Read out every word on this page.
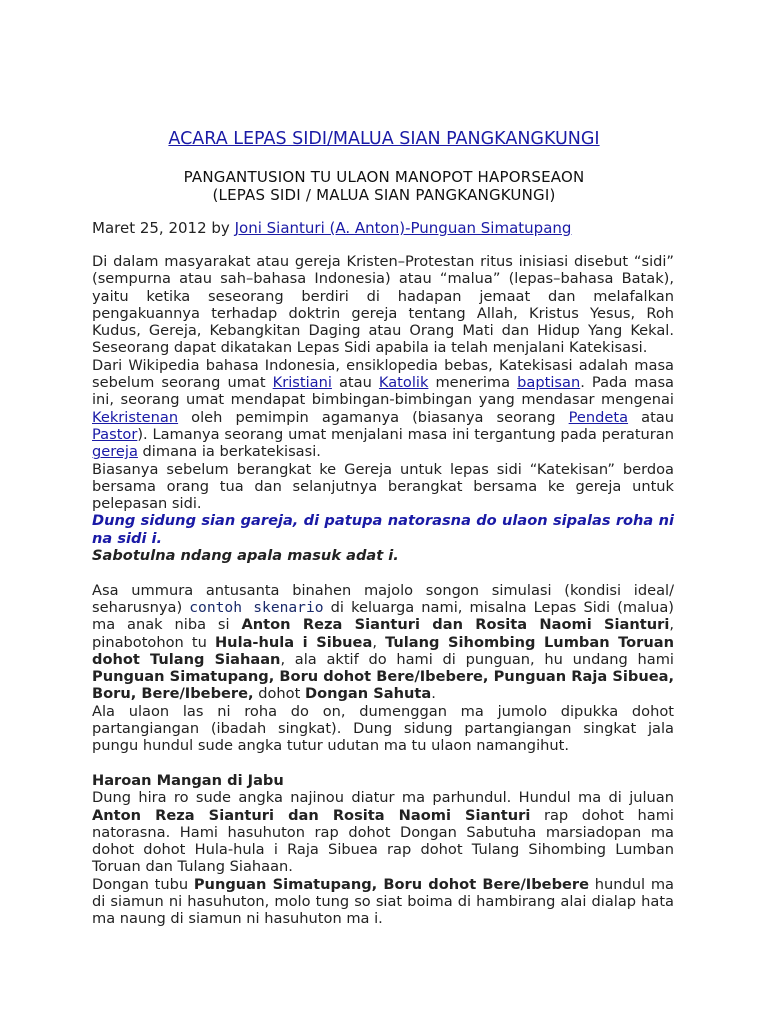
ACARA LEPAS SIDI/MALUA SIAN PANGKANGKUNGI
PANGANTUSION TU ULAON MANOPOT HAPORSEAON
(LEPAS SIDI / MALUA SIAN PANGKANGKUNGI)
Maret 25, 2012 by Joni Sianturi (A. Anton)-Punguan Simatupang

Di dalam masyarakat atau gereja Kristen–Protestan ritus inisiasi disebut “sidi” (sempurna atau sah–bahasa Indonesia) atau “malua” (lepas–bahasa Batak), yaitu ketika seseorang berdiri di hadapan jemaat dan melafalkan pengakuannya terhadap doktrin gereja tentang Allah, Kristus Yesus, Roh Kudus, Gereja, Kebangkitan Daging atau Orang Mati dan Hidup Yang Kekal. Seseorang dapat dikatakan Lepas Sidi apabila ia telah menjalani Katekisasi.

Dari Wikipedia bahasa Indonesia, ensiklopedia bebas, Katekisasi adalah masa sebelum seorang umat Kristiani atau Katolik menerima baptisan. Pada masa ini, seorang umat mendapat bimbingan-bimbingan yang mendasar mengenai Kekristenan oleh pemimpin agamanya (biasanya seorang Pendeta atau Pastor). Lamanya seorang umat menjalani masa ini tergantung pada peraturan gereja dimana ia berkatekisasi.

Biasanya sebelum berangkat ke Gereja untuk lepas sidi “Katekisan” berdoa bersama orang tua dan selanjutnya berangkat bersama ke gereja untuk pelepasan sidi.

Dung sidung sian gareja, di patupa natorasna do ulaon sipalas roha ni na sidi i.
Sabotulna ndang apala masuk adat i.

Asa ummura antusanta binahen majolo songon simulasi (kondisi ideal/ seharusnya) contoh skenario di keluarga nami, misalna Lepas Sidi (malua) ma anak niba si Anton Reza Sianturi dan Rosita Naomi Sianturi, pinabotohon tu Hula-hula i Sibuea, Tulang Sihombing Lumban Toruan dohot Tulang Siahaan, ala aktif do hami di punguan, hu undang hami Punguan Simatupang, Boru dohot Bere/Ibebere, Punguan Raja Sibuea, Boru, Bere/Ibebere, dohot Dongan Sahuta.

Ala ulaon las ni roha do on, dumenggan ma jumolo dipukka dohot partangiangan (ibadah singkat). Dung sidung partangiangan singkat jala pungu hundul sude angka tutur udutan ma tu ulaon namangihut.

Haroan Mangan di Jabu

Dung hira ro sude angka najinou diatur ma parhundul. Hundul ma di juluan Anton Reza Sianturi dan Rosita Naomi Sianturi rap dohot hami natorasna. Hami hasuhuton rap dohot Dongan Sabutuha marsiadopan ma dohot dohot Hula-hula i Raja Sibuea rap dohot Tulang Sihombing Lumban Toruan dan Tulang Siahaan.

Dongan tubu Punguan Simatupang, Boru dohot Bere/Ibebere hundul ma di siamun ni hasuhuton, molo tung so siat boima di hambirang alai dialap hata ma naung di siamun ni hasuhuton ma i.
